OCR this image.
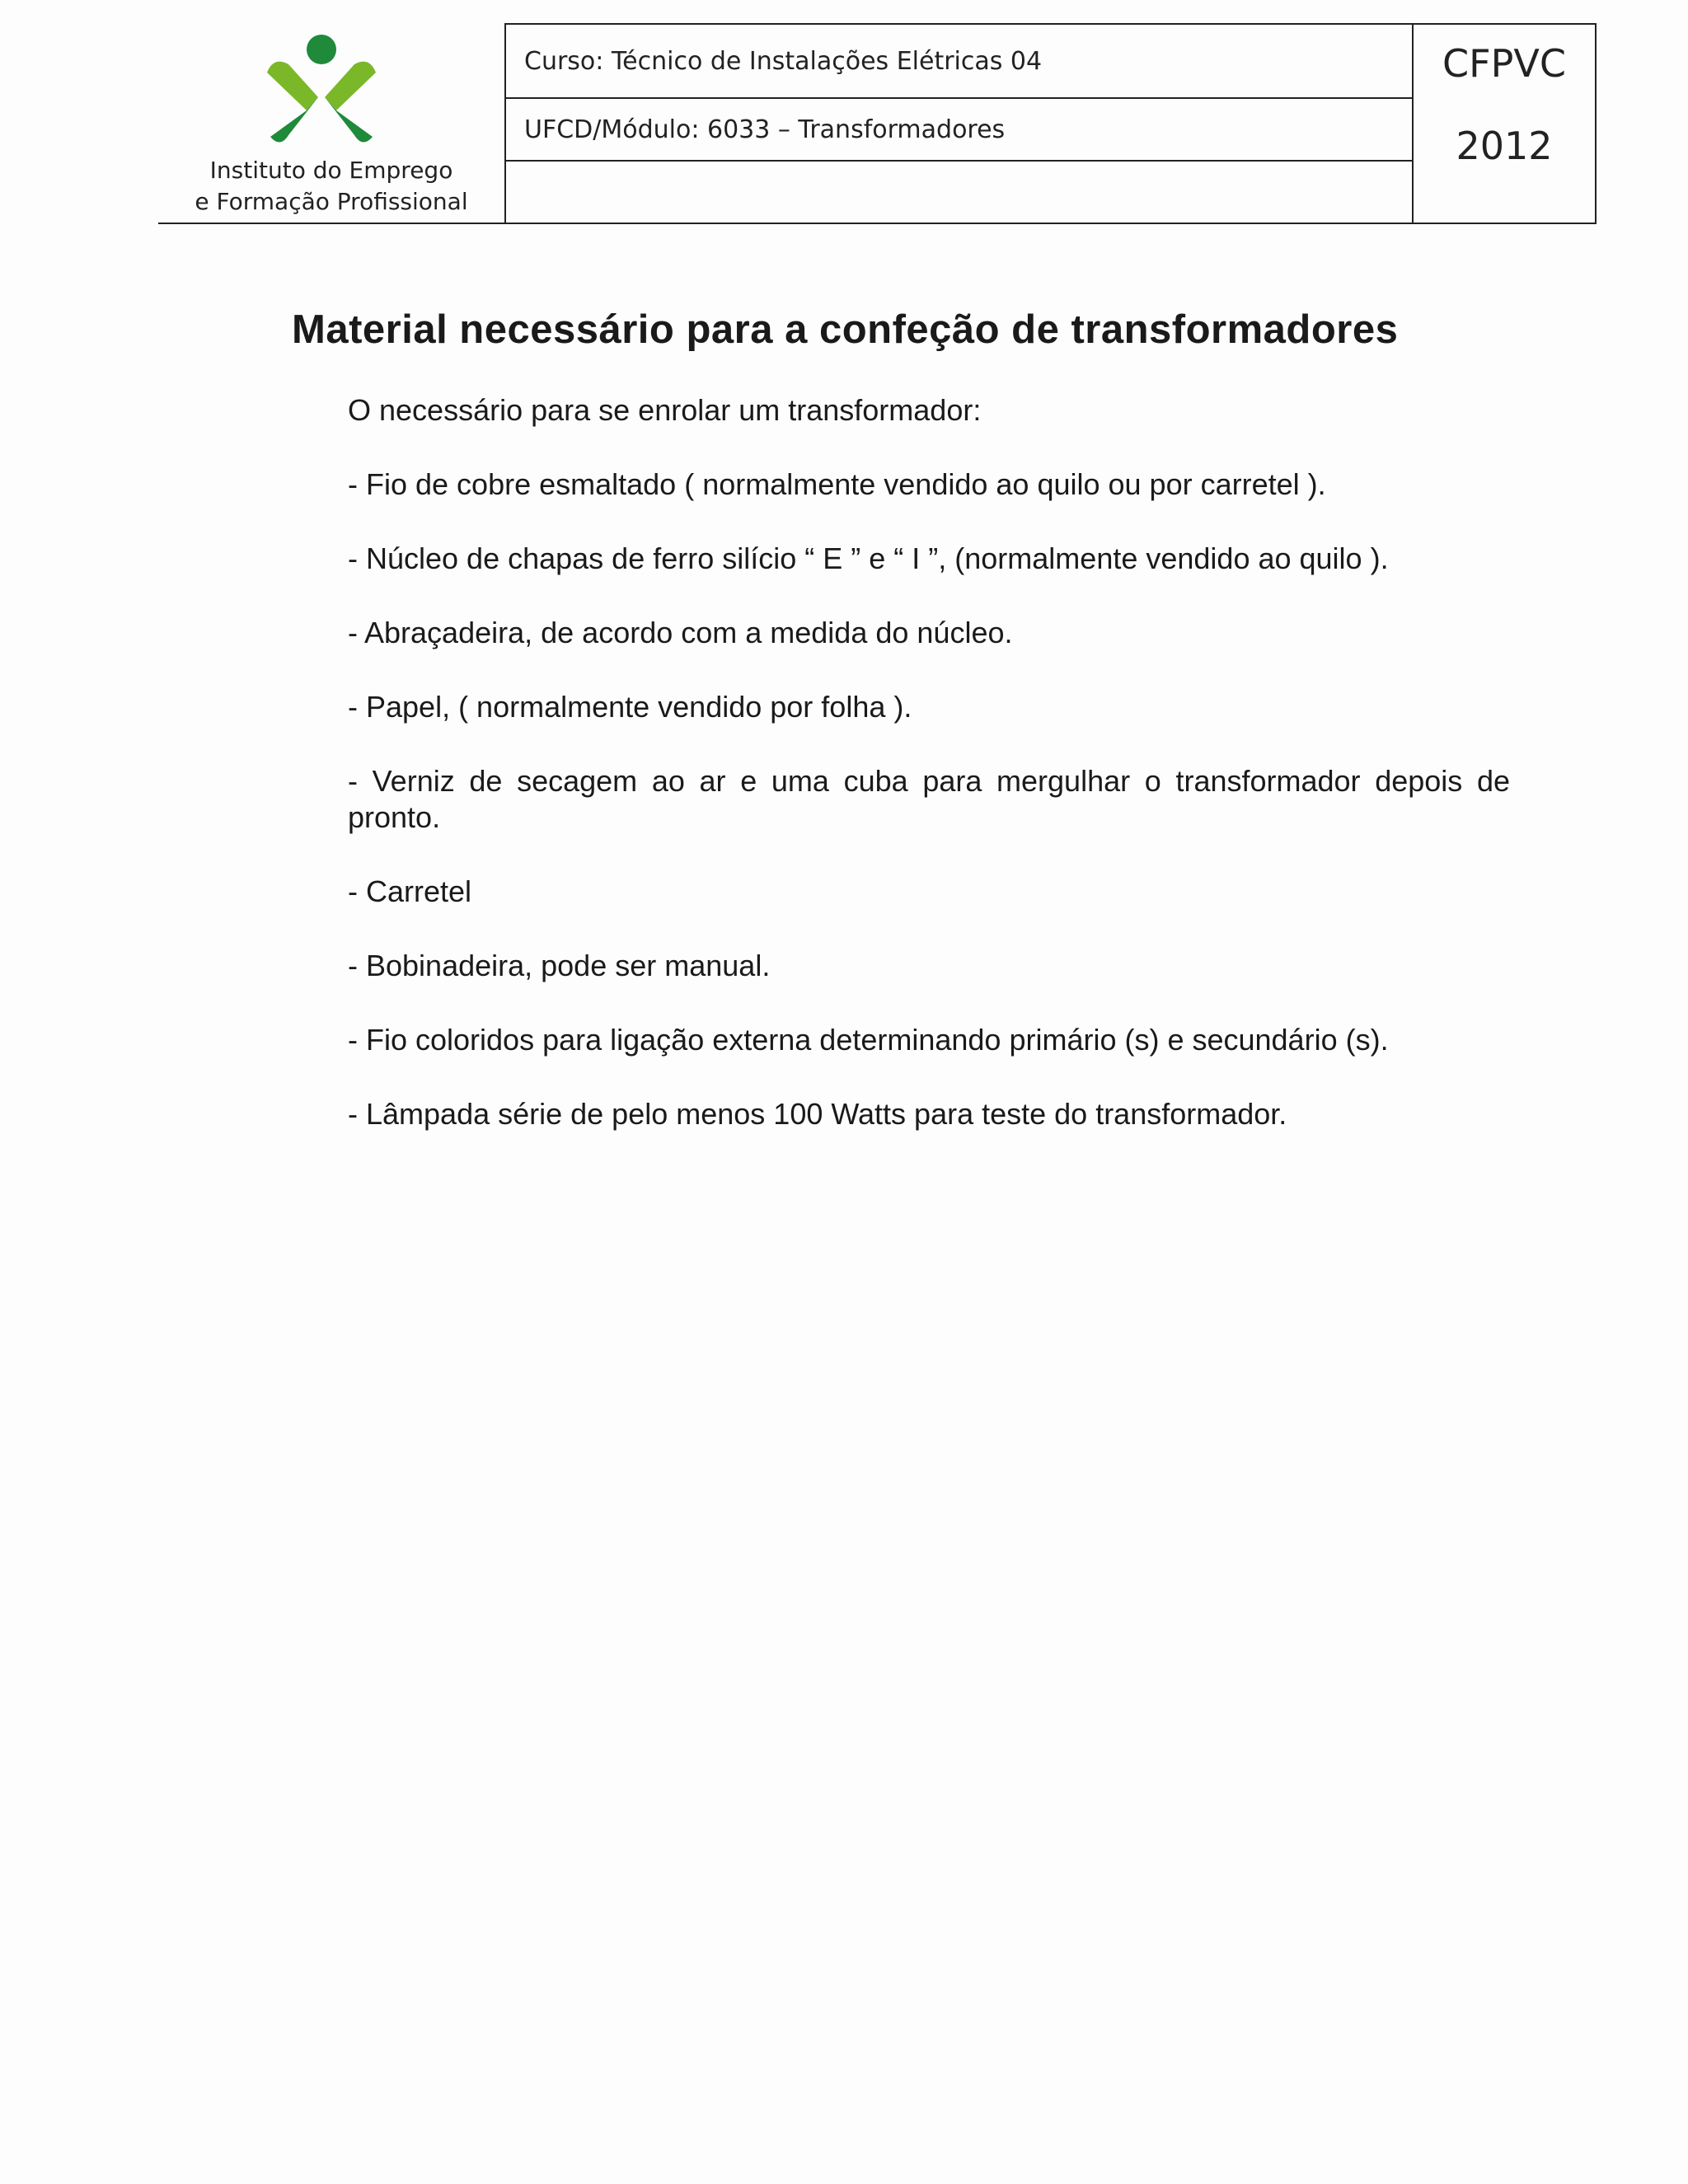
Instituto do Emprego
e Formação Profissional
Curso: Técnico de Instalações Elétricas 04
UFCD/Módulo: 6033 – Transformadores
CFPVC
2012
Material necessário para a confeção de transformadores

O necessário para se enrolar um transformador:

- Fio de cobre esmaltado ( normalmente vendido ao quilo ou por carretel ).

- Núcleo de chapas de ferro silício “ E ” e “ I ”, (normalmente vendido ao quilo ).

- Abraçadeira, de acordo com a medida do núcleo.

- Papel, ( normalmente vendido por folha ).

- Verniz de secagem ao ar e uma cuba para mergulhar o transformador depois de pronto.

- Carretel

- Bobinadeira, pode ser manual.

- Fio coloridos para ligação externa determinando primário (s) e secundário (s).

- Lâmpada série de pelo menos 100 Watts para teste do transformador.
